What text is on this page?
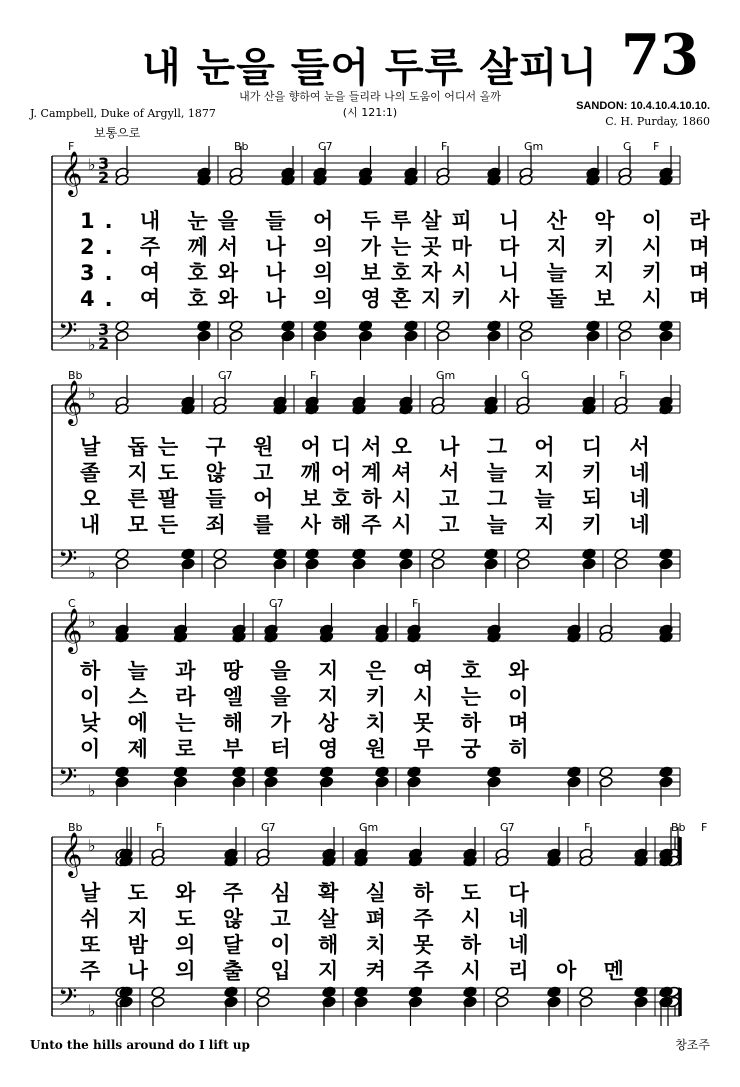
내 눈을 들어 두루 살피니 73
내가 산을 향하여 눈을 들리라 나의 도움이 어디서 올까
(시 121:1)
J. Campbell, Duke of Argyll, 1877
SANDON: 10.4.10.4.10.10.
C. H. Purday, 1860
보통으로
𝄞
𝄢
♭
♭
3
3
2
2
𝄞
𝄢
♭
♭
𝄞
𝄢
♭
♭
𝄞
𝄢
♭
♭
F	Bb	C7	F	Gm	C F
Bb	C7	F	Gm	C	F
C	C7	F
Bb	F	C7	Gm	C7	F	Bb F
1. 내 눈을 들 어 두루살피 니 산 악 이 라
2. 주 께서 나 의 가는곳마 다 지 키 시 며
3. 여 호와 나 의 보호자시 니 늘 지 키 며
4. 여 호와 나 의 영혼지키 사 돌 보 시 며
날 돕는 구 원 어디서오 나 그 어 디 서
졸 지도 않 고 깨어계셔 서 늘 지 키 네
오 른팔 들 어 보호하시 고 그 늘 되 네
내 모든 죄 를 사해주시 고 늘 지 키 네
하 늘 과 땅 을 지 은 여 호 와
이 스 라 엘 을 지 키 시 는 이
낮 에 는 해 가 상 치 못 하 며
이 제 로 부 터 영 원 무 궁 히
날 도 와 주 심 확 실 하 도 다
쉬 지 도 않 고 살 펴 주 시 네
또 밤 의 달 이 해 치 못 하 네
주 나 의 출 입 지 켜 주 시 리 아 멘
Unto the hills around do I lift up	창조주
